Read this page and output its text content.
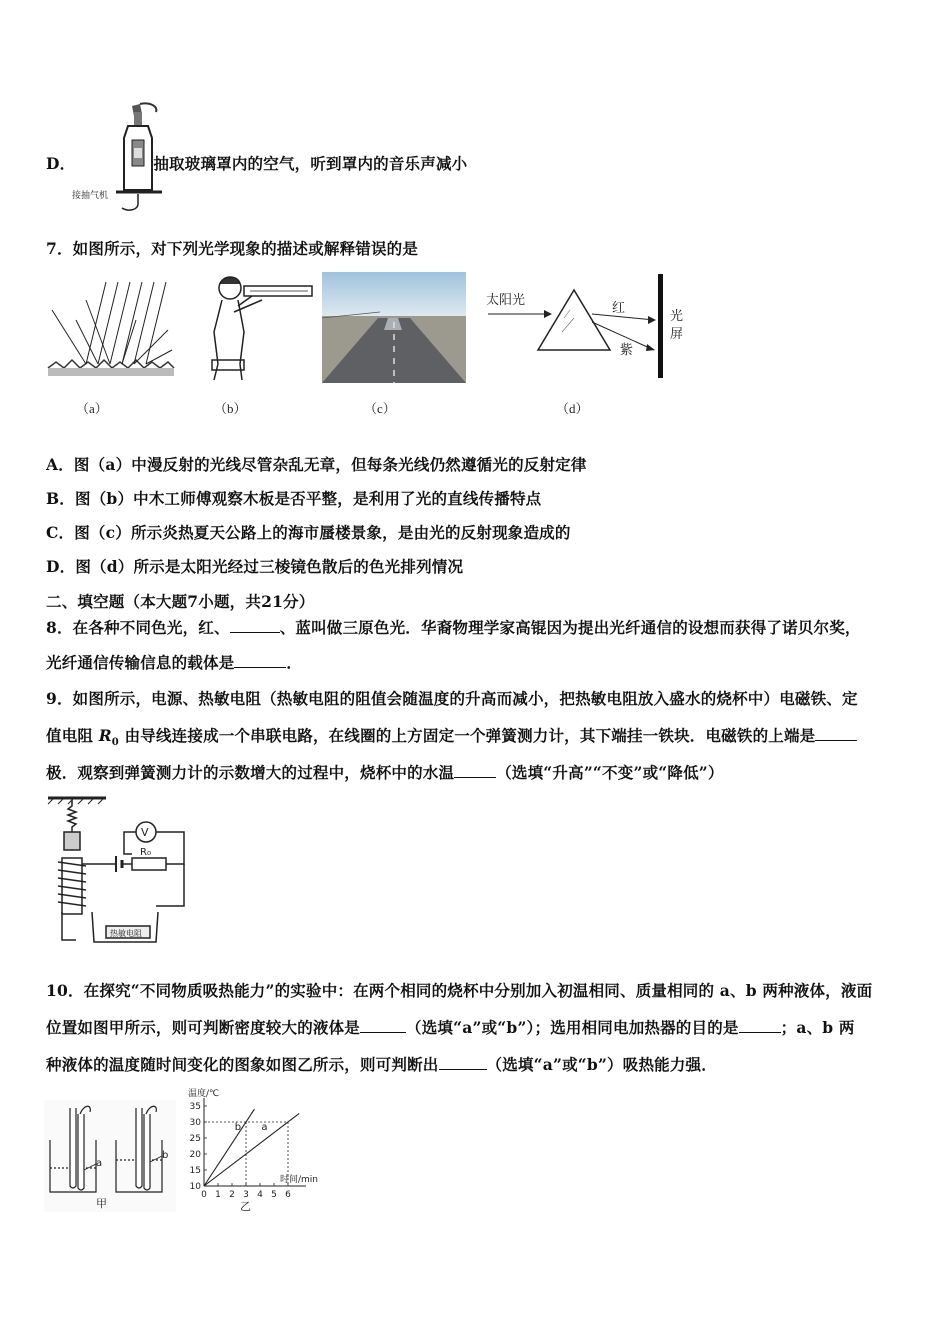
接抽气机
D．	抽取玻璃罩内的空气，听到罩内的音乐声减小
7．如图所示，对下列光学现象的描述或解释错误的是
（a）	（b）	（c）
太阳光
红
紫
光
屏
（d）
A．图（a）中漫反射的光线尽管杂乱无章，但每条光线仍然遵循光的反射定律
B．图（b）中木工师傅观察木板是否平整，是利用了光的直线传播特点
C．图（c）所示炎热夏天公路上的海市蜃楼景象，是由光的反射现象造成的
D．图（d）所示是太阳光经过三棱镜色散后的色光排列情况
二、填空题（本大题7小题，共21分）
8．在各种不同色光，红、	、蓝叫做三原色光．华裔物理学家高锟因为提出光纤通信的设想而获得了诺贝尔奖，
光纤通信传输信息的载体是	．
9．如图所示，电源、热敏电阻（热敏电阻的阻值会随温度的升高而减小，把热敏电阻放入盛水的烧杯中）电磁铁、定
值电阻 $R_0$ 由导线连接成一个串联电路，在线圈的上方固定一个弹簧测力计，其下端挂一铁块．电磁铁的上端是
极．观察到弹簧测力计的示数增大的过程中，烧杯中的水温	（选填“升高”“不变”或“降低”）
V
R₀
热敏电阻
10．在探究“不同物质吸热能力”的实验中：在两个相同的烧杯中分别加入初温相同、质量相同的 a、b 两种液体，液面
位置如图甲所示，则可判断密度较大的液体是	（选填“a”或“b”）；选用相同电加热器的目的是	；a、b 两
种液体的温度随时间变化的图象如图乙所示，则可判断出	（选填“a”或“b”）吸热能力强．
a
b
甲
10
15
20
25
30
35
0 1 2 3 4 5 6
b a
温度/℃
时间/min
乙
